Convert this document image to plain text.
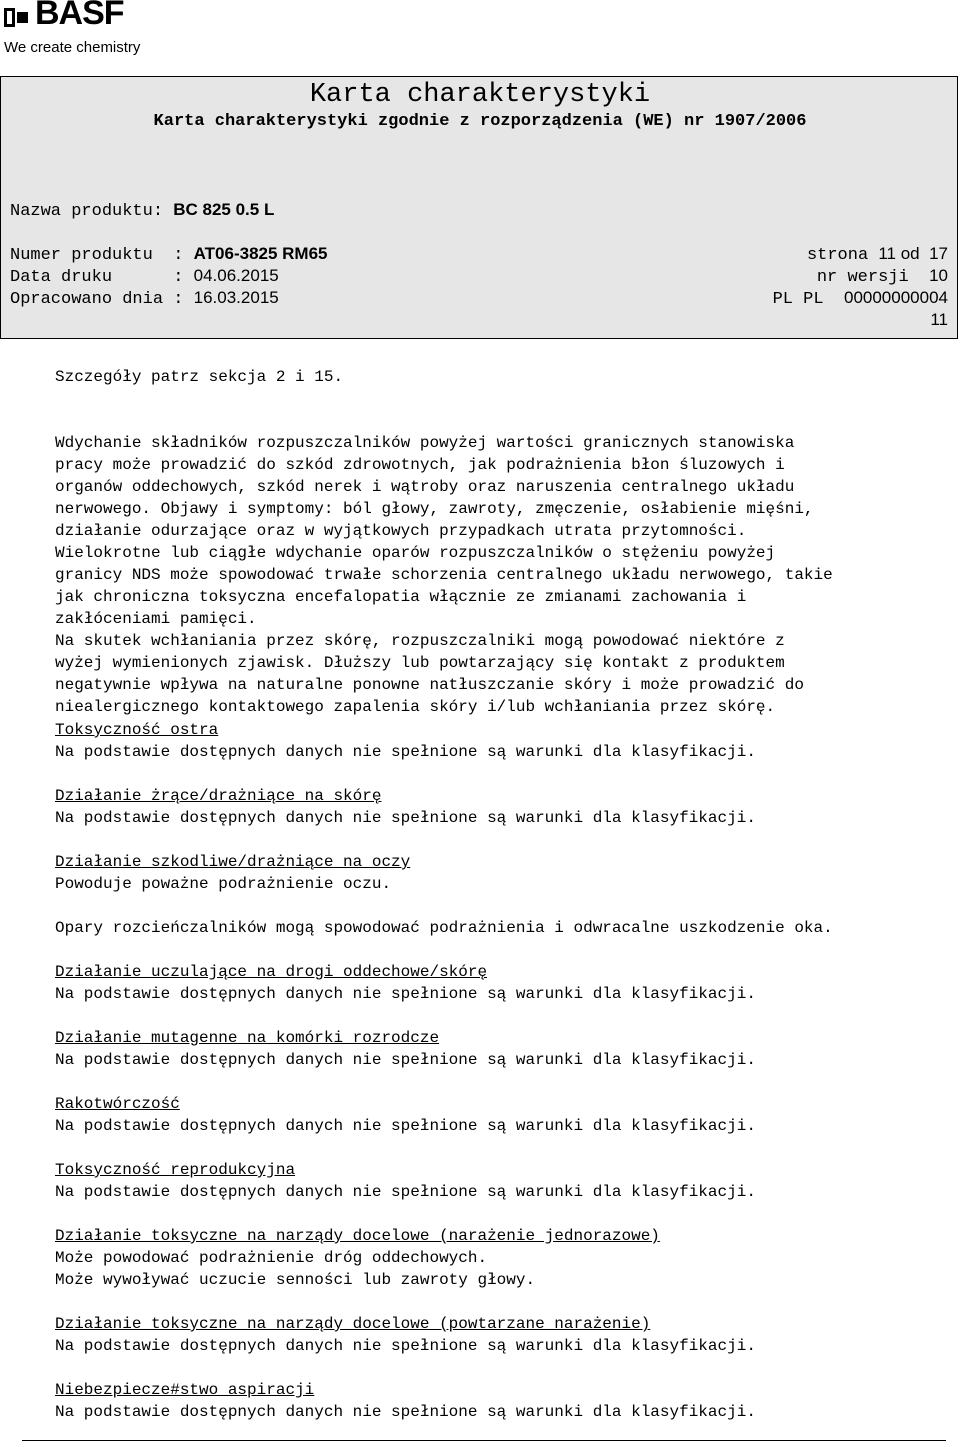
BASF
We create chemistry
Karta charakterystyki
Karta charakterystyki zgodnie z rozporządzenia (WE) nr 1907/2006
Nazwa produktu: BC 825 0.5 L
Numer produktu  : AT06-3825 RM65
Data druku      : 04.06.2015
Opracowano dnia : 16.03.2015
strona 11 od  17
nr wersji  10
PL PL  00000000004
11
Szczegóły patrz sekcja 2 i 15.

Wdychanie składników rozpuszczalników powyżej wartości granicznych stanowiska
pracy może prowadzić do szkód zdrowotnych, jak podrażnienia błon śluzowych i
organów oddechowych, szkód nerek i wątroby oraz naruszenia centralnego układu
nerwowego. Objawy i symptomy: ból głowy, zawroty, zmęczenie, osłabienie mięśni,
działanie odurzające oraz w wyjątkowych przypadkach utrata przytomności.
Wielokrotne lub ciągłe wdychanie oparów rozpuszczalników o stężeniu powyżej
granicy NDS może spowodować trwałe schorzenia centralnego układu nerwowego, takie
jak chroniczna toksyczna encefalopatia włącznie ze zmianami zachowania i
zakłóceniami pamięci.
Na skutek wchłaniania przez skórę, rozpuszczalniki mogą powodować niektóre z
wyżej wymienionych zjawisk. Dłuższy lub powtarzający się kontakt z produktem
negatywnie wpływa na naturalne ponowne natłuszczanie skóry i może prowadzić do
niealergicznego kontaktowego zapalenia skóry i/lub wchłaniania przez skórę.

Toksyczność ostra
Na podstawie dostępnych danych nie spełnione są warunki dla klasyfikacji.
Działanie żrące/drażniące na skórę
Na podstawie dostępnych danych nie spełnione są warunki dla klasyfikacji.
Działanie szkodliwe/drażniące na oczy
Powoduje poważne podrażnienie oczu.
Opary rozcieńczalników mogą spowodować podrażnienia i odwracalne uszkodzenie oka.
Działanie uczulające na drogi oddechowe/skórę
Na podstawie dostępnych danych nie spełnione są warunki dla klasyfikacji.
Działanie mutagenne na komórki rozrodcze
Na podstawie dostępnych danych nie spełnione są warunki dla klasyfikacji.
Rakotwórczość
Na podstawie dostępnych danych nie spełnione są warunki dla klasyfikacji.
Toksyczność reprodukcyjna
Na podstawie dostępnych danych nie spełnione są warunki dla klasyfikacji.
Działanie toksyczne na narządy docelowe (narażenie jednorazowe)
Może powodować podrażnienie dróg oddechowych.
Może wywoływać uczucie senności lub zawroty głowy.
Działanie toksyczne na narządy docelowe (powtarzane narażenie)
Na podstawie dostępnych danych nie spełnione są warunki dla klasyfikacji.
Niebezpiecze#stwo aspiracji
Na podstawie dostępnych danych nie spełnione są warunki dla klasyfikacji.
